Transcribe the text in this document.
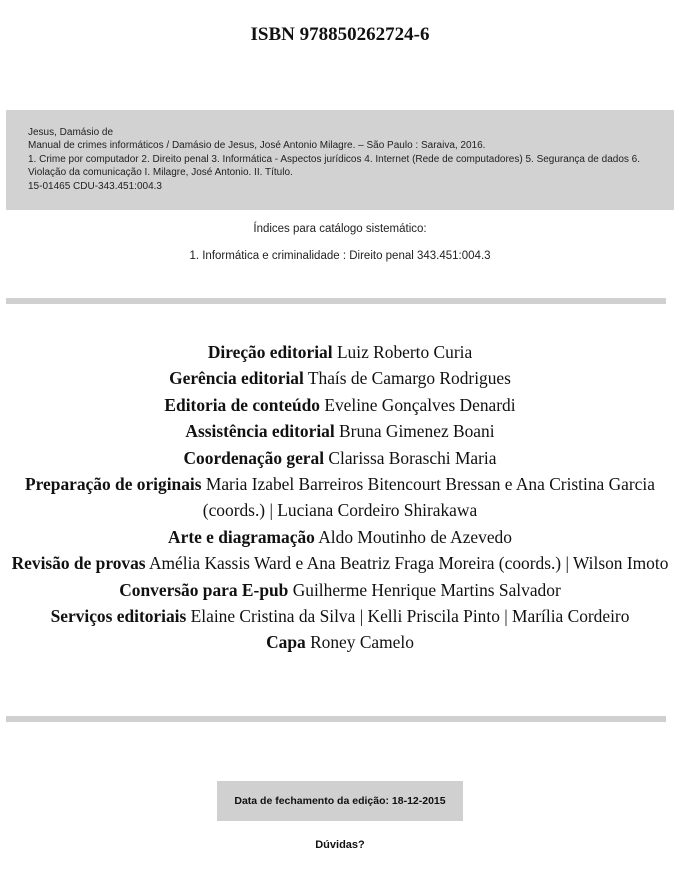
ISBN 978850262724-6
Jesus, Damásio de
Manual de crimes informáticos / Damásio de Jesus, José Antonio Milagre. – São Paulo : Saraiva, 2016.
1. Crime por computador 2. Direito penal 3. Informática - Aspectos jurídicos 4. Internet (Rede de computadores) 5. Segurança de dados 6. Violação da comunicação I. Milagre, José Antonio. II. Título.
15-01465 CDU-343.451:004.3
Índices para catálogo sistemático:
1. Informática e criminalidade : Direito penal 343.451:004.3
Direção editorial Luiz Roberto Curia
Gerência editorial Thaís de Camargo Rodrigues
Editoria de conteúdo Eveline Gonçalves Denardi
Assistência editorial Bruna Gimenez Boani
Coordenação geral Clarissa Boraschi Maria
Preparação de originais Maria Izabel Barreiros Bitencourt Bressan e Ana Cristina Garcia (coords.) | Luciana Cordeiro Shirakawa
Arte e diagramação Aldo Moutinho de Azevedo
Revisão de provas Amélia Kassis Ward e Ana Beatriz Fraga Moreira (coords.) | Wilson Imoto
Conversão para E-pub Guilherme Henrique Martins Salvador
Serviços editoriais Elaine Cristina da Silva | Kelli Priscila Pinto | Marília Cordeiro
Capa Roney Camelo
Data de fechamento da edição: 18-12-2015
Dúvidas?
